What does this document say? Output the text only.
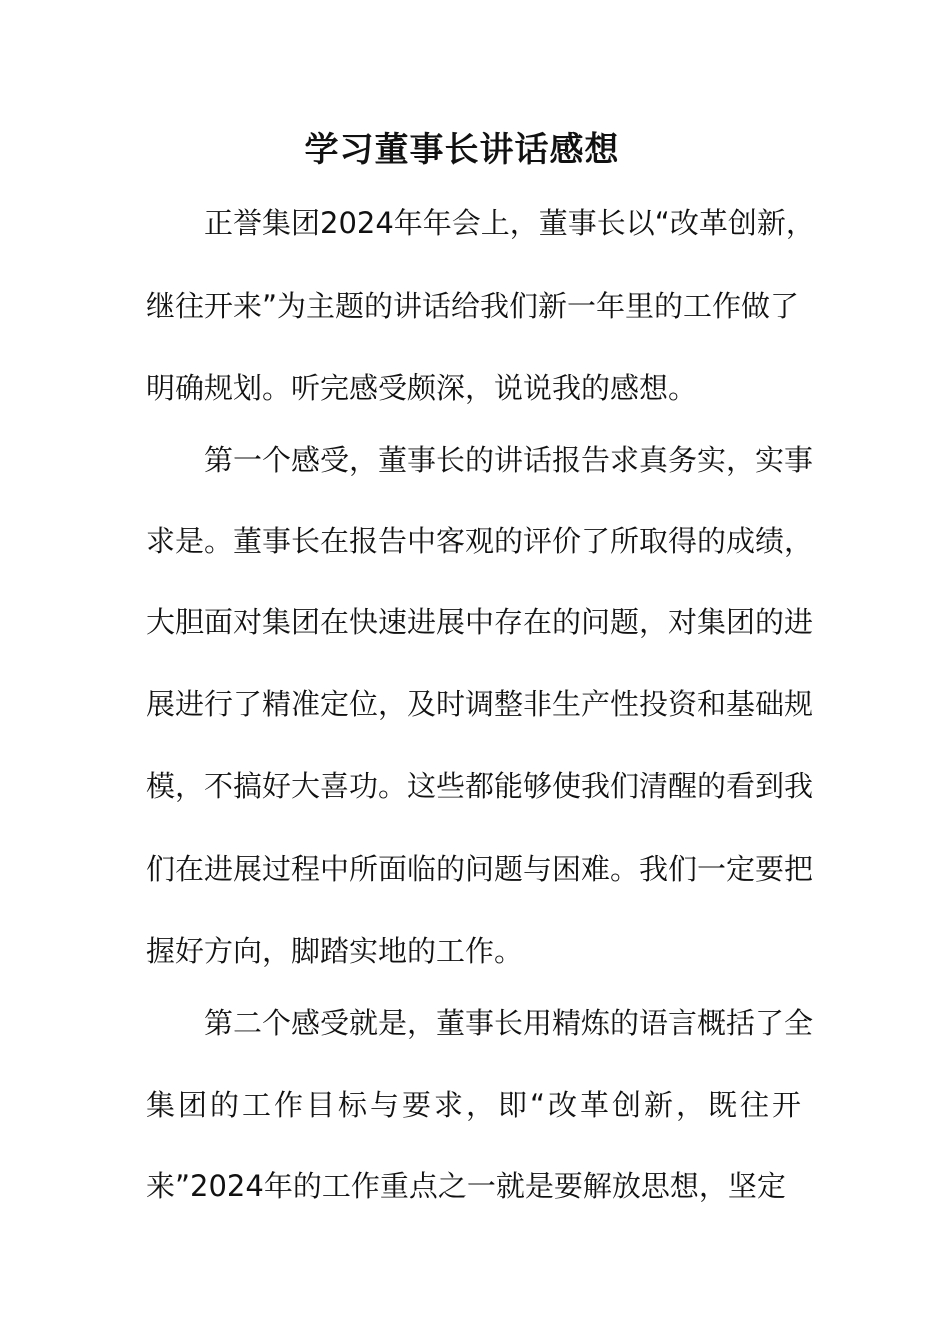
学习董事长讲话感想
正誉集团2024年年会上，董事长以“改革创新，
继往开来”为主题的讲话给我们新一年里的工作做了
明确规划。听完感受颇深，说说我的感想。
第一个感受，董事长的讲话报告求真务实，实事
求是。董事长在报告中客观的评价了所取得的成绩，
大胆面对集团在快速进展中存在的问题，对集团的进
展进行了精准定位，及时调整非生产性投资和基础规
模，不搞好大喜功。这些都能够使我们清醒的看到我
们在进展过程中所面临的问题与困难。我们一定要把
握好方向，脚踏实地的工作。
第二个感受就是，董事长用精炼的语言概括了全
集团的工作目标与要求，即“改革创新，既往开
来”2024年的工作重点之一就是要解放思想，坚定
